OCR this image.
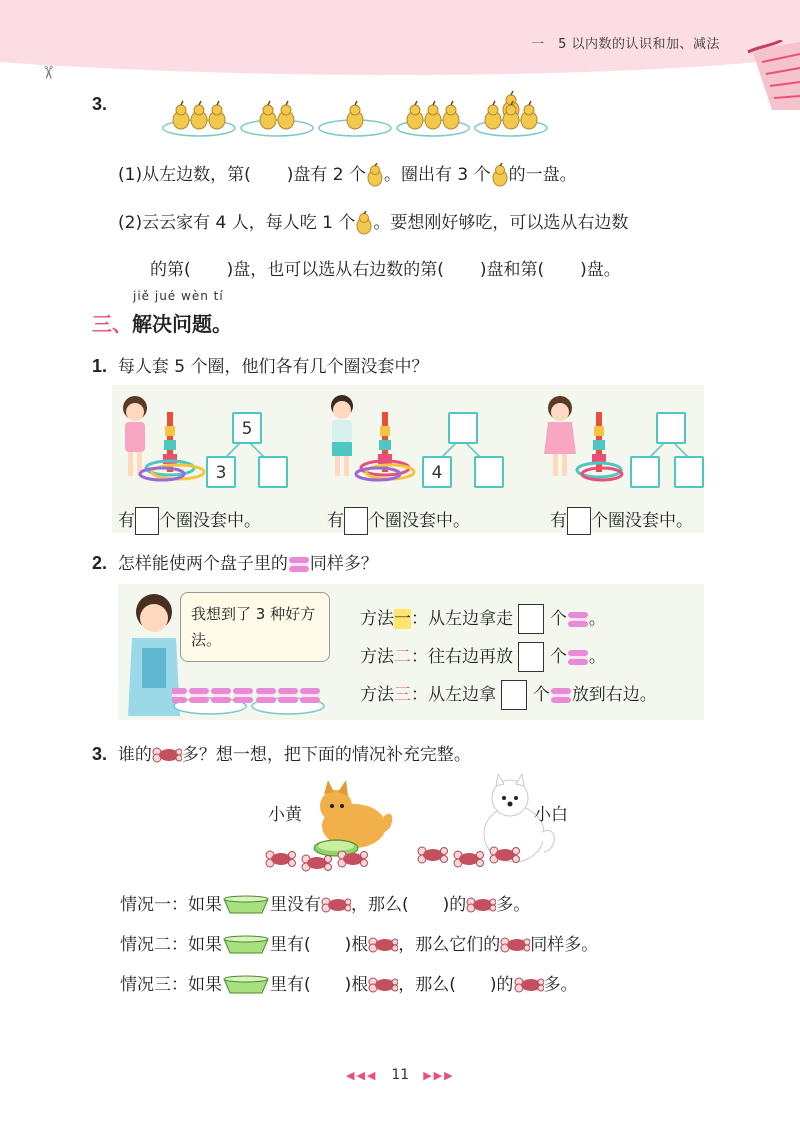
一　5 以内数的认识和加、减法
✂
3.
(1)从左边数，第( )盘有 2 个 。圈出有 3 个 的一盘。
(2)云云家有 4 人，每人吃 1 个 。要想刚好够吃，可以选从右边数
的第( )盘，也可以选从右边数的第( )盘和第( )盘。
jiě jué wèn tí
三、解决问题。
1. 每人套 5 个圈，他们各有几个圈没套中？
5
3
有 个圈没套中。
4
有 个圈没套中。	有 个圈没套中。
2. 怎样能使两个盘子里的 同样多？
我想到了 3 种好方法。
方法一：从左边拿走 个 。
方法二：往右边再放 个 。
方法三：从左边拿 个 放到右边。
3. 谁的 多？想一想，把下面的情况补充完整。
小黄	小白
情况一：如果	里没有 ，那么( )的 多。
情况二：如果	里有( )根 ，那么它们的 同样多。
情况三：如果	里有( )根 ，那么( )的 多。
◀◀◀ 11 ▶▶▶
